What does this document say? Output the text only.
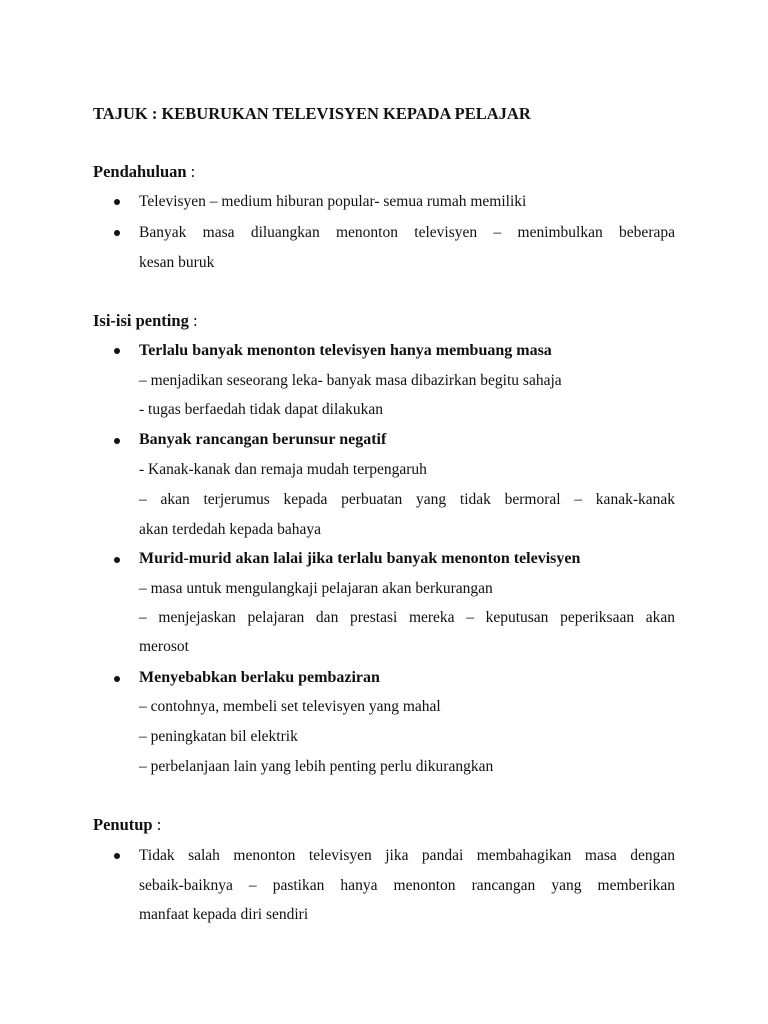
TAJUK : KEBURUKAN TELEVISYEN KEPADA PELAJAR
Pendahuluan :
Televisyen – medium hiburan popular- semua rumah memiliki
Banyak masa diluangkan menonton televisyen – menimbulkan beberapa
kesan buruk
Isi-isi penting :
Terlalu banyak menonton televisyen hanya membuang masa
– menjadikan seseorang leka- banyak masa dibazirkan begitu sahaja
- tugas berfaedah tidak dapat dilakukan
Banyak rancangan berunsur negatif
- Kanak-kanak dan remaja mudah terpengaruh
– akan terjerumus kepada perbuatan yang tidak bermoral – kanak-kanak
akan terdedah kepada bahaya
Murid-murid akan lalai jika terlalu banyak menonton televisyen
– masa untuk mengulangkaji pelajaran akan berkurangan
– menjejaskan pelajaran dan prestasi mereka – keputusan peperiksaan akan
merosot
Menyebabkan berlaku pembaziran
– contohnya, membeli set televisyen yang mahal
– peningkatan bil elektrik
– perbelanjaan lain yang lebih penting perlu dikurangkan
Penutup :
Tidak salah menonton televisyen jika pandai membahagikan masa dengan
sebaik-baiknya – pastikan hanya menonton rancangan yang memberikan
manfaat kepada diri sendiri
